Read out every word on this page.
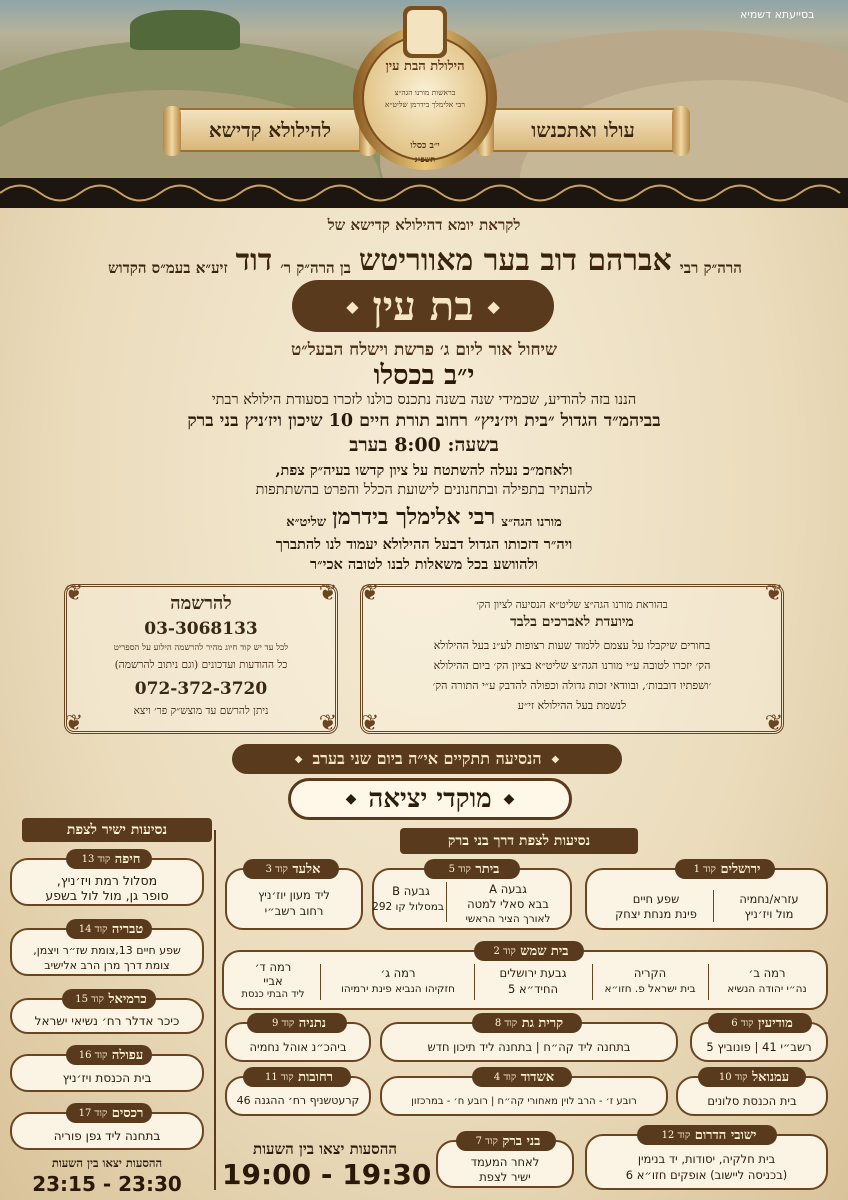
בסייעתא דשמיא
להילולא קדישא	עולו ואתכנשו
הילולת הבת עין
בראשות מורנו הגה״צ
רבי אלימלך בידרמן שליט״א
י״ב כסלו
תשפ״ג
לקראת יומא דהילולא קדישא של
הרה״ק רבי
אברהם דוב בער מאווריטש
בן הרה״ק ר׳
דוד
זיע״א בעמ״ס הקדוש
◆
בת עין
◆
שיחול אור ליום ג׳ פרשת וישלח הבעל״ט
י״ב בכסלו
הננו בזה להודיע, שכמידי שנה בשנה נתכנס כולנו לזכרו בסעודת הילולא רבתי
בביהמ״ד הגדול ״בית ויז׳ניץ״ רחוב תורת חיים 10 שיכון ויז׳ניץ בני ברק
בשעה: 8:00 בערב
ולאחמ״כ נעלה להשתטח על ציון קדשו בעיה״ק צפת,
להעתיר בתפילה ובתחנונים לישועת הכלל והפרט בהשתתפות
מורנו הגה״צ
רבי אלימלך בידרמן
שליט״א
ויה״ר דזכותו הגדול דבעל ההילולא יעמוד לנו להתברך
ולהוושע בכל משאלות לבנו לטובה אכי״ר
❦
❦
❦
❦
בהוראת מורנו הגה״צ שליט״א הנסיעה לציון הק׳
מיועדת לאברכים בלבד
בחורים שיקבלו על עצמם ללמוד שעות רצופות לע״נ בעל ההילולא
הק׳ יזכרו לטובה ע״י מורנו הגה״צ שליט״א בציון הק׳ ביום ההילולא
׳ושפתיו דובבות׳, ובוודאי זכות גדולה וכפולה להדבק ע״י התורה הק׳
לנשמת בעל ההילולא זי״ע
❦
❦
❦
❦
להרשמה
03-3068133
לכל עד יש קוד חיוג מהיר להרשמה הילוע על הספריט
כל ההודעות ועדכונים (וגם ניתוב להרשמה)
072-372-3720
ניתן להרשם עד מוצש״ק פר׳ ויצא
◆
הנסיעה תתקיים אי״ה ביום שני בערב
◆
◆
מוקדי יציאה
◆
נסיעות ישיר לצפת
חיפה

קוד 13
מסלול רמת ויז׳ניץ,
סופר גן, מול לול בשפע
טבריה

קוד 14
שפע חיים 13,צומת שז״ר ויצמן,
צומת דרך מרן הרב אלישיב
כרמיאל

קוד 15
כיכר אדלר רח׳ נשיאי ישראל
עפולה

קוד 16
בית הכנסת ויז׳ניץ
רכסים

קוד 17
בתחנה ליד גפן פוריה
ההסעות יצאו בין השעות
23:15 - 23:30
נסיעות לצפת דרך בני ברק
ירושלים

קוד 1
עזרא/נחמיה
מול ויז׳ניץ
שפע חיים
פינת מנחת יצחק
ביתר

קוד 5
גבעה A
בבא סאלי למטה
לאורך הציר הראשי
גבעה B
במסלול קו 292
אלעד

קוד 3
ליד מעון יוז׳ניץ
רחוב רשב״י
בית שמש

קוד 2
רמה ב׳
נה״י יהודה הנשיא
הקריה
בית ישראל פ. חזו״א
גבעת ירושלים
החיד״א 5
רמה ג׳
חזקיהו הנביא פינת ירמיהו
רמה ד׳
אביי
ליד הבתי כנסת
מודיעין

קוד 6
רשב״י 41 | פונוביץ 5
קרית גת

קוד 8
בתחנה ליד קה״ח | בתחנה ליד תיכון חדש
נתניה

קוד 9
ביהכ״נ אוהל נחמיה
עמנואל

קוד 10
בית הכנסת סלונים
אשדוד

קוד 4
רובע ז׳ - הרב לוין מאחורי קה״ח | רובע ח׳ - במרכזון
רחובות

קוד 11
קרעטשניף רח׳ ההגנה 46
ישובי הדרום

קוד 12
בית חלקיה, יסודות, יד בנימין
(בכניסה ליישוב) אופקים חזו״א 6
בני ברק

קוד 7
לאחר המעמד
ישיר לצפת
ההסעות יצאו בין השעות
19:00 - 19:30
